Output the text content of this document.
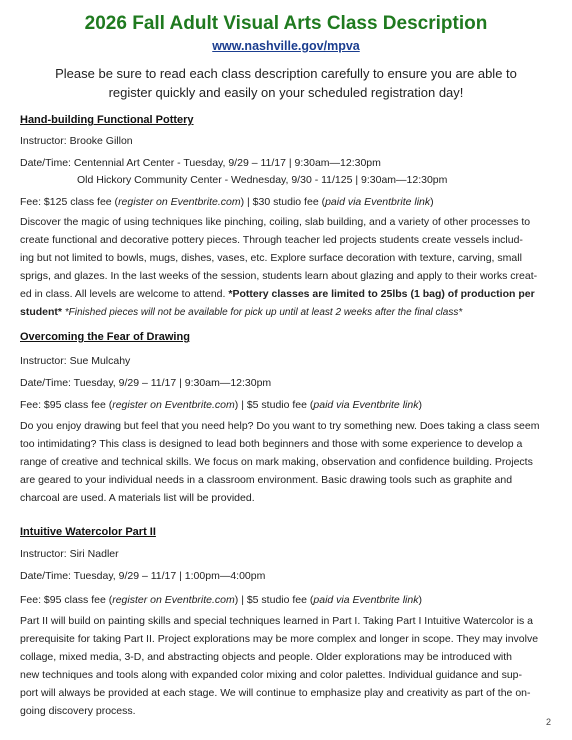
2026 Fall Adult Visual Arts Class Description
www.nashville.gov/mpva
Please be sure to read each class description carefully to ensure you are able to
register quickly and easily on your scheduled registration day!
Hand-building Functional Pottery
Instructor: Brooke Gillon
Date/Time: Centennial Art Center - Tuesday, 9/29 – 11/17 | 9:30am—12:30pm
Old Hickory Community Center - Wednesday, 9/30 - 11/125 | 9:30am—12:30pm
Fee: $125 class fee (register on Eventbrite.com) | $30 studio fee (paid via Eventbrite link)
Discover the magic of using techniques like pinching, coiling, slab building, and a variety of other processes to
create functional and decorative pottery pieces. Through teacher led projects students create vessels includ-
ing but not limited to bowls, mugs, dishes, vases, etc. Explore surface decoration with texture, carving, small
sprigs, and glazes. In the last weeks of the session, students learn about glazing and apply to their works creat-
ed in class. All levels are welcome to attend. *Pottery classes are limited to 25lbs (1 bag) of production per
student* *Finished pieces will not be available for pick up until at least 2 weeks after the final class*
Overcoming the Fear of Drawing
Instructor: Sue Mulcahy
Date/Time: Tuesday, 9/29 – 11/17 | 9:30am—12:30pm
Fee: $95 class fee (register on Eventbrite.com) | $5 studio fee (paid via Eventbrite link)
Do you enjoy drawing but feel that you need help? Do you want to try something new. Does taking a class seem
too intimidating? This class is designed to lead both beginners and those with some experience to develop a
range of creative and technical skills. We focus on mark making, observation and confidence building. Projects
are geared to your individual needs in a classroom environment. Basic drawing tools such as graphite and
charcoal are used. A materials list will be provided.
Intuitive Watercolor Part II
Instructor: Siri Nadler
Date/Time: Tuesday, 9/29 – 11/17 | 1:00pm—4:00pm
Fee: $95 class fee (register on Eventbrite.com) | $5 studio fee (paid via Eventbrite link)
Part II will build on painting skills and special techniques learned in Part I. Taking Part I Intuitive Watercolor is a
prerequisite for taking Part II. Project explorations may be more complex and longer in scope. They may involve
collage, mixed media, 3-D, and abstracting objects and people. Older explorations may be introduced with
new techniques and tools along with expanded color mixing and color palettes. Individual guidance and sup-
port will always be provided at each stage. We will continue to emphasize play and creativity as part of the on-
going discovery process.
2
